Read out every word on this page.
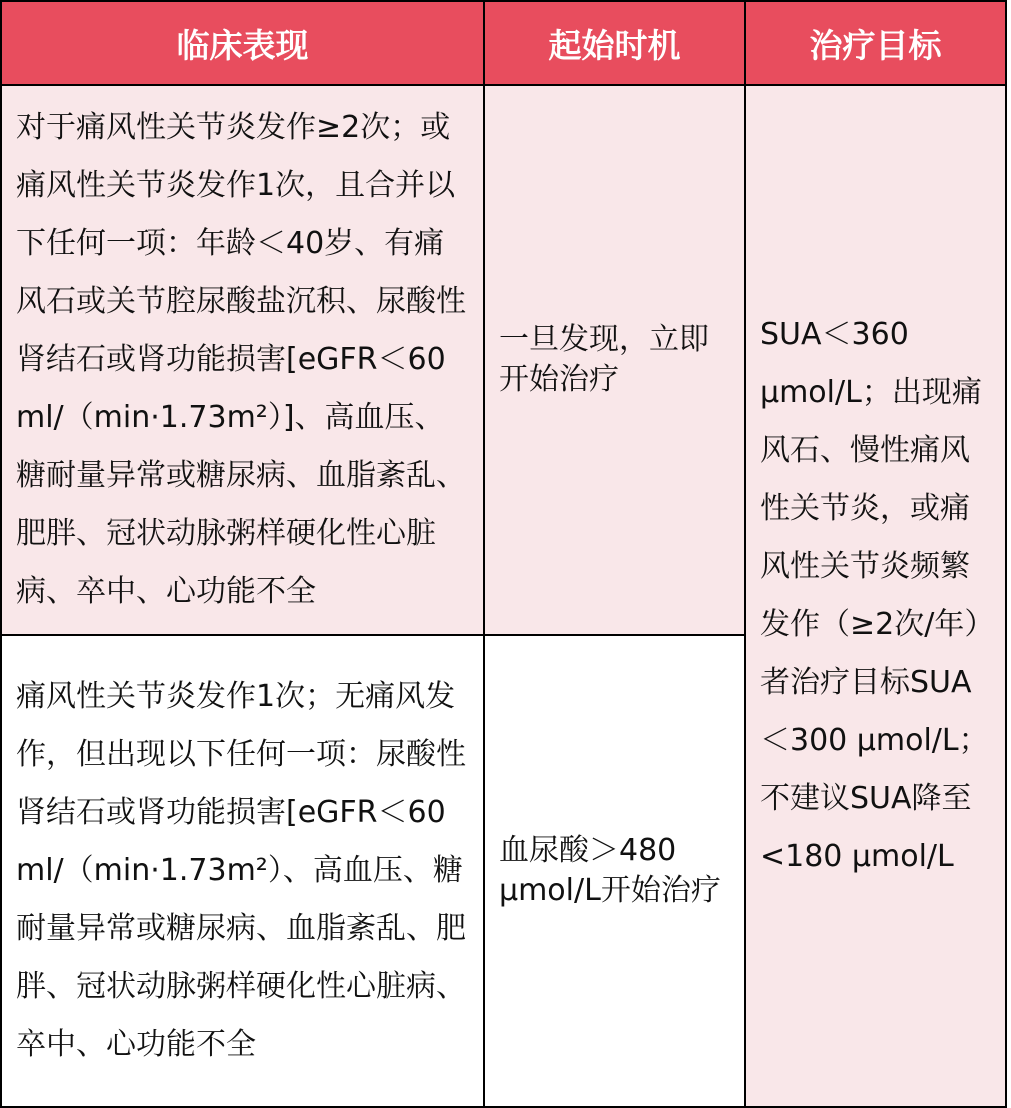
临床表现	起始时机	治疗目标
对于痛风性关节炎发作≥2次；或痛风性关节炎发作1次，且合并以下任何一项：年龄＜40岁、有痛风石或关节腔尿酸盐沉积、尿酸性肾结石或肾功能损害[eGFR＜60 ml/（min·1.73m²）]、高血压、糖耐量异常或糖尿病、血脂紊乱、肥胖、冠状动脉粥样硬化性心脏病、卒中、心功能不全	一旦发现，立即开始治疗	SUA＜360 μmol/L；出现痛风石、慢性痛风性关节炎，或痛风性关节炎频繁发作（≥2次/年）者治疗目标SUA＜300 μmol/L；不建议SUA降至<180 μmol/L
痛风性关节炎发作1次；无痛风发作，但出现以下任何一项：尿酸性肾结石或肾功能损害[eGFR＜60 ml/（min·1.73m²）、高血压、糖耐量异常或糖尿病、血脂紊乱、肥胖、冠状动脉粥样硬化性心脏病、卒中、心功能不全	血尿酸＞480 μmol/L开始治疗	
